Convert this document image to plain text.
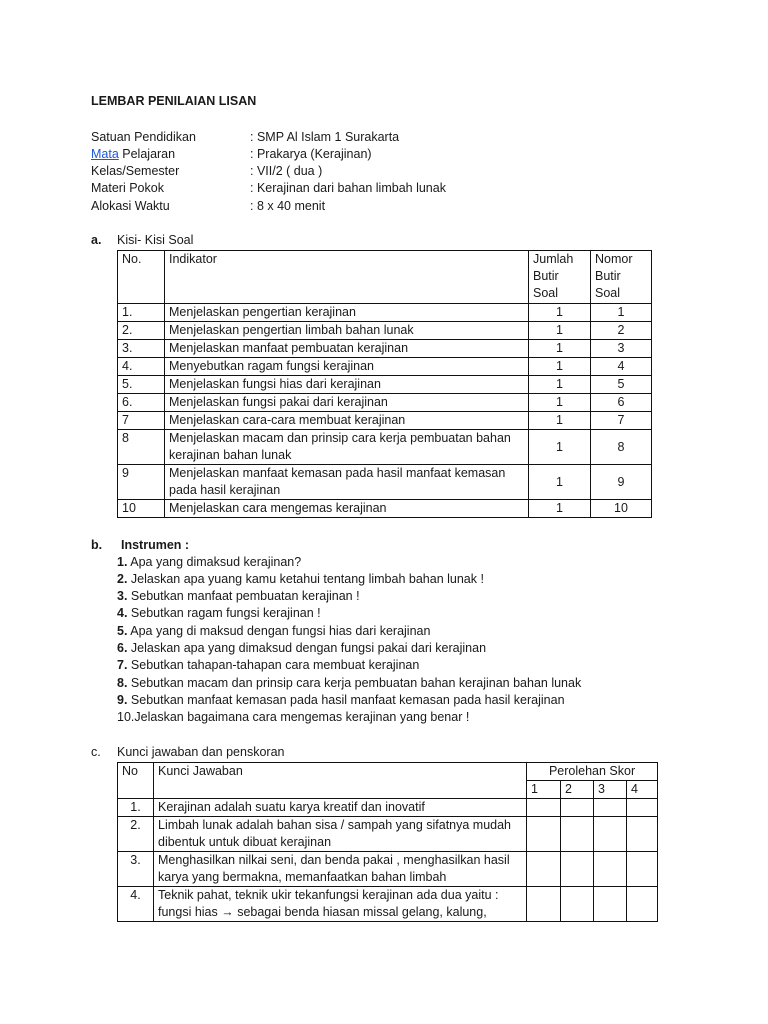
LEMBAR PENILAIAN LISAN
Satuan Pendidikan	: SMP Al Islam 1 Surakarta
Mata Pelajaran	: Prakarya (Kerajinan)
Kelas/Semester	: VII/2 ( dua )
Materi Pokok	: Kerajinan dari bahan limbah lunak
Alokasi Waktu	: 8 x 40 menit
a. Kisi- Kisi Soal
No.	Indikator	Jumlah Butir Soal	Nomor Butir Soal
1.	Menjelaskan pengertian kerajinan	1	1
2.	Menjelaskan pengertian limbah bahan lunak	1	2
3.	Menjelaskan manfaat pembuatan kerajinan	1	3
4.	Menyebutkan ragam fungsi kerajinan	1	4
5.	Menjelaskan fungsi hias dari kerajinan	1	5
6.	Menjelaskan fungsi pakai dari kerajinan	1	6
7	Menjelaskan cara-cara membuat kerajinan	1	7
8	Menjelaskan macam dan prinsip cara kerja pembuatan bahan kerajinan bahan lunak	1	8
9	Menjelaskan manfaat kemasan pada hasil manfaat kemasan pada hasil kerajinan	1	9
10	Menjelaskan cara mengemas kerajinan	1	10
b. Instrumen :
1. Apa yang dimaksud kerajinan?
2. Jelaskan apa yuang kamu ketahui tentang limbah bahan lunak !
3. Sebutkan manfaat pembuatan kerajinan !
4. Sebutkan ragam fungsi kerajinan !
5. Apa yang di maksud dengan fungsi hias dari kerajinan
6. Jelaskan apa yang dimaksud dengan fungsi pakai dari kerajinan
7. Sebutkan tahapan-tahapan cara membuat kerajinan
8. Sebutkan macam dan prinsip cara kerja pembuatan bahan kerajinan bahan lunak
9. Sebutkan manfaat kemasan pada hasil manfaat kemasan pada hasil kerajinan
10.Jelaskan bagaimana cara mengemas kerajinan yang benar !
c. Kunci jawaban dan penskoran
No	Kunci Jawaban	Perolehan Skor			
		1	2	3	4
1.	Kerajinan adalah suatu karya kreatif dan inovatif				
2.	Limbah lunak adalah bahan sisa / sampah yang sifatnya mudah dibentuk untuk dibuat kerajinan				
3.	Menghasilkan nilkai seni, dan benda pakai , menghasilkan hasil karya yang bermakna, memanfaatkan bahan limbah				
4.	Teknik pahat, teknik ukir tekanfungsi kerajinan ada dua yaitu : fungsi hias → sebagai benda hiasan missal gelang, kalung,				
